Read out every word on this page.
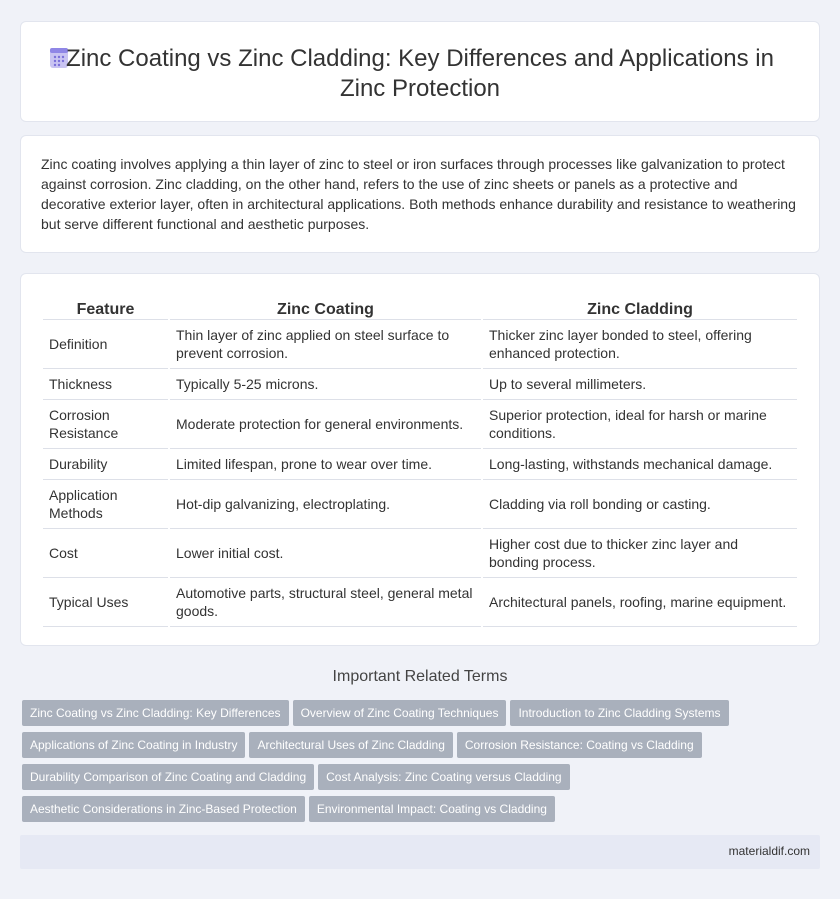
Zinc Coating vs Zinc Cladding: Key Differences and Applications in Zinc Protection

Zinc coating involves applying a thin layer of zinc to steel or iron surfaces through processes like galvanization to protect against corrosion. Zinc cladding, on the other hand, refers to the use of zinc sheets or panels as a protective and decorative exterior layer, often in architectural applications. Both methods enhance durability and resistance to weathering but serve different functional and aesthetic purposes.

Feature	Zinc Coating	Zinc Cladding
Definition	Thin layer of zinc applied on steel surface to prevent corrosion.	Thicker zinc layer bonded to steel, offering enhanced protection.
Thickness	Typically 5-25 microns.	Up to several millimeters.
Corrosion Resistance	Moderate protection for general environments.	Superior protection, ideal for harsh or marine conditions.
Durability	Limited lifespan, prone to wear over time.	Long-lasting, withstands mechanical damage.
Application Methods	Hot-dip galvanizing, electroplating.	Cladding via roll bonding or casting.
Cost	Lower initial cost.	Higher cost due to thicker zinc layer and bonding process.
Typical Uses	Automotive parts, structural steel, general metal goods.	Architectural panels, roofing, marine equipment.
Important Related Terms
Zinc Coating vs Zinc Cladding: Key Differences Overview of Zinc Coating Techniques Introduction to Zinc Cladding Systems
Applications of Zinc Coating in Industry Architectural Uses of Zinc Cladding Corrosion Resistance: Coating vs Cladding
Durability Comparison of Zinc Coating and Cladding Cost Analysis: Zinc Coating versus Cladding
Aesthetic Considerations in Zinc-Based Protection Environmental Impact: Coating vs Cladding
materialdif.com
